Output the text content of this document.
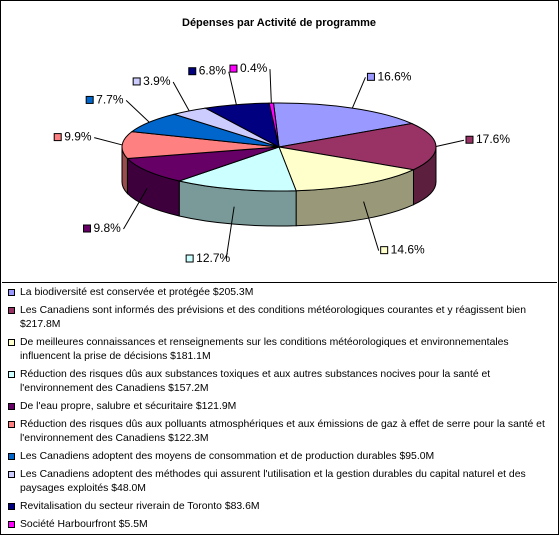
Dépenses par Activité de programme
16.6%
17.6%
14.6%
12.7%
9.8%
9.9%
7.7%
3.9%
6.8% 0.4%
La biodiversité est conservée et protégée $205.3M
Les Canadiens sont informés des prévisions et des conditions météorologiques courantes et y réagissent bien $217.8M
De meilleures connaissances et renseignements sur les conditions météorologiques et environnementales influencent la prise de décisions $181.1M
Réduction des risques dûs aux substances toxiques et aux autres substances nocives pour la santé et l'environnement des Canadiens $157.2M
De l'eau propre, salubre et sécuritaire $121.9M
Réduction des risques dûs aux polluants atmosphériques et aux émissions de gaz à effet de serre pour la santé et l'environnement des Canadiens $122.3M
Les Canadiens adoptent des moyens de consommation et de production durables $95.0M
Les Canadiens adoptent des méthodes qui assurent l'utilisation et la gestion durables du capital naturel et des paysages exploités $48.0M
Revitalisation du secteur riverain de Toronto $83.6M
Société Harbourfront $5.5M
